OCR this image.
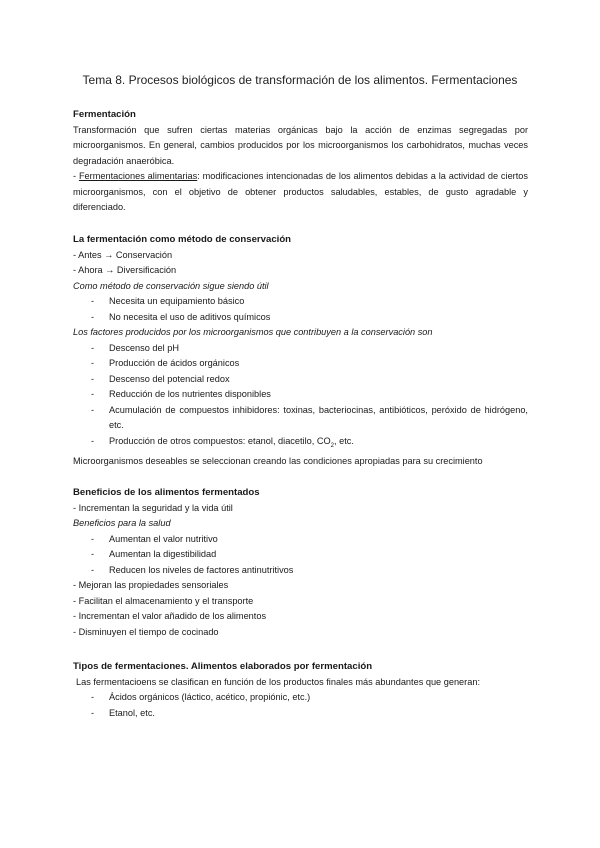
Tema 8. Procesos biológicos de transformación de los alimentos. Fermentaciones
Fermentación

Transformación que sufren ciertas materias orgánicas bajo la acción de enzimas segregadas por microorganismos. En general, cambios producidos por los microorganismos los carbohidratos, muchas veces degradación anaeróbica.

- Fermentaciones alimentarias: modificaciones intencionadas de los alimentos debidas a la actividad de ciertos microorganismos, con el objetivo de obtener productos saludables, estables, de gusto agradable y diferenciado.

La fermentación como método de conservación
- Antes → Conservación
- Ahora → Diversificación
Como método de conservación sigue siendo útil
- Necesita un equipamiento básico
- No necesita el uso de aditivos químicos
Los factores producidos por los microorganismos que contribuyen a la conservación son
- Descenso del pH
- Producción de ácidos orgánicos
- Descenso del potencial redox
- Reducción de los nutrientes disponibles
- Acumulación de compuestos inhibidores: toxinas, bacteriocinas, antibióticos, peróxido de hidrógeno, etc.
- Producción de otros compuestos: etanol, diacetilo, $CO_2$, etc.
Microorganismos deseables se seleccionan creando las condiciones apropiadas para su crecimiento
Beneficios de los alimentos fermentados
- Incrementan la seguridad y la vida útil
Beneficios para la salud
- Aumentan el valor nutritivo
- Aumentan la digestibilidad
- Reducen los niveles de factores antinutritivos
- Mejoran las propiedades sensoriales
- Facilitan el almacenamiento y el transporte
- Incrementan el valor añadido de los alimentos
- Disminuyen el tiempo de cocinado
Tipos de fermentaciones. Alimentos elaborados por fermentación
Las fermentacioens se clasifican en función de los productos finales más abundantes que generan:
- Ácidos orgánicos (láctico, acético, propiónic, etc.)
- Etanol, etc.
